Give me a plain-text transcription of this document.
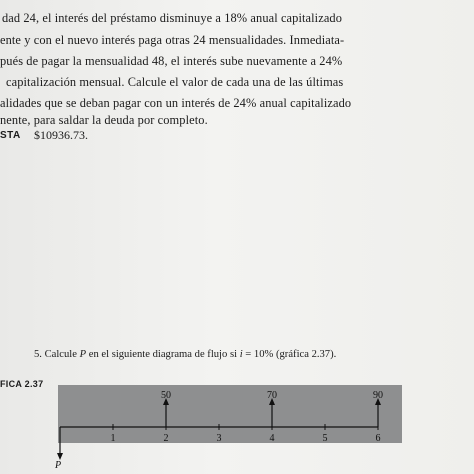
dad 24, el interés del préstamo disminuye a 18% anual capitalizado
ente y con el nuevo interés paga otras 24 mensualidades. Inmediata-
pués de pagar la mensualidad 48, el interés sube nuevamente a 24%
capitalización mensual. Calcule el valor de cada una de las últimas
alidades que se deban pagar con un interés de 24% anual capitalizado
nente, para saldar la deuda por completo.
STA $10936.73.
5. Calcule P en el siguiente diagrama de flujo si i = 10% (gráfica 2.37).
FICA 2.37
1	2	3	4	5	6
50	70	90
P
